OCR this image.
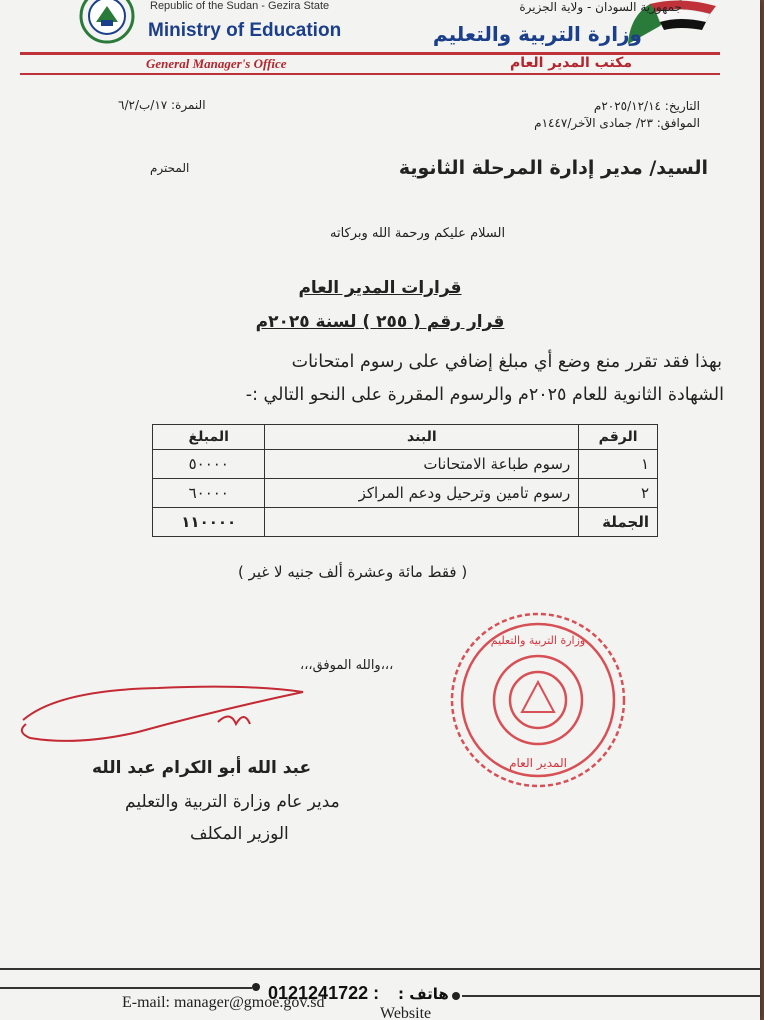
Republic of the Sudan - Gezira State
Ministry of Education
جمهورية السودان - ولاية الجزيرة
وزارة التربية والتعليم
General Manager's Office	مكتب المدير العام
التاريخ: ٢٠٢٥/١٢/١٤م
الموافق: ٢٣/ جمادى الآخر/١٤٤٧م
النمرة: ١٧/ب/٦/٢
السيد/ مدير إدارة المرحلة الثانوية
المحترم
السلام عليكم ورحمة الله وبركاته
قرارات المدير العام
قرار رقم ( ٢٥٥ ) لسنة ٢٠٢٥م
بهذا فقد تقرر منع وضع أي مبلغ إضافي على رسوم امتحانات
الشهادة الثانوية للعام ٢٠٢٥م والرسوم المقررة على النحو التالي :-
الرقم	البند	المبلغ
١	رسوم طباعة الامتحانات	٥٠٠٠٠
٢	رسوم تامين وترحيل ودعم المراكز	٦٠٠٠٠
الجملة		١١٠٠٠٠
( فقط مائة وعشرة ألف جنيه لا غير )
وزارة التربية والتعليم
المدير العام
،،،والله الموفق،،،
عبد الله أبو الكرام عبد الله
مدير عام وزارة التربية والتعليم
الوزير المكلف
0121241722 : هاتف :
E-mail: manager@gmoe.gov.sd
Website
